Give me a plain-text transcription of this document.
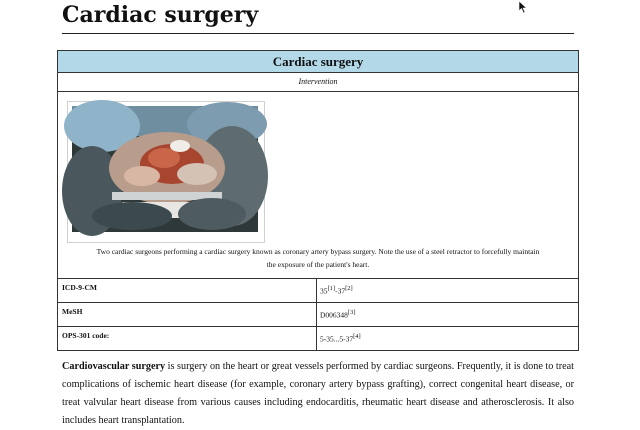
Cardiac surgery
Cardiac surgery
Intervention
Two cardiac surgeons performing a cardiac surgery known as coronary artery bypass surgery. Note the use of a steel retractor to forcefully maintain
the exposure of the patient's heart.
ICD-9-CM	35[1]-37[2]
MeSH	D006348[3]
OPS-301 code:	5-35...5-37[4]

Cardiovascular surgery is surgery on the heart or great vessels performed by cardiac surgeons. Frequently, it is done to treat complications of ischemic heart disease (for example, coronary artery bypass grafting), correct congenital heart disease, or treat valvular heart disease from various causes including endocarditis, rheumatic heart disease and atherosclerosis. It also includes heart transplantation.
